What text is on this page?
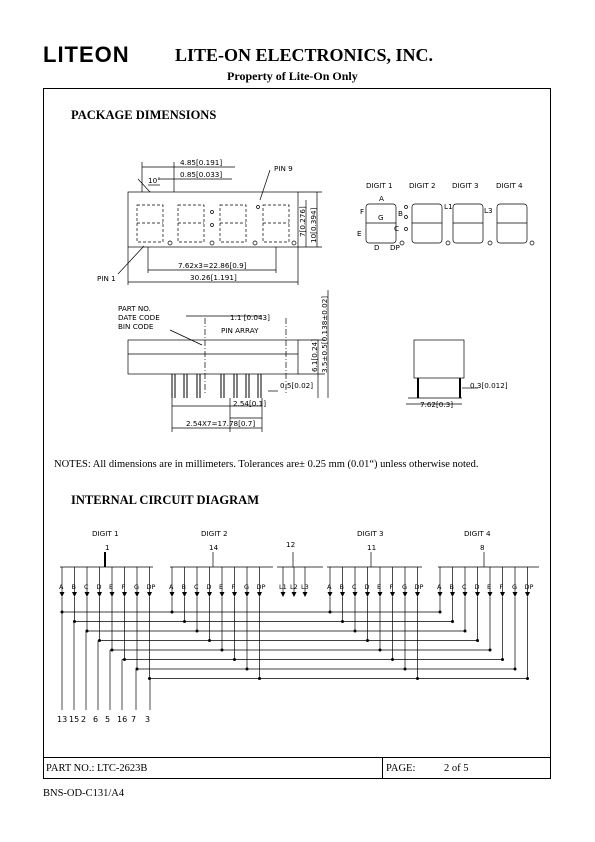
LITEON	LITE-ON ELECTRONICS, INC.
Property of Lite-On Only
PACKAGE DIMENSIONS
4.85[0.191]
0.85[0.033]
10°
PIN 9
PIN 1
7.62x3=22.86[0.9]
30.26[1.191]
7[0.276] 10[0.394]
PART NO.
DATE CODE
BIN CODE
1.1 [0.043]
PIN ARRAY
6.1[0.24] 3.5±0.5[0.138±0.02]
0.5[0.02]
2.54[0.1]
2.54X7=17.78[0.7]
0.3[0.012]
7.62[0.3]
DIGIT 1 DIGIT 2 DIGIT 3 DIGIT 4
A
B
C
D
E
F
G
DP
L1	L3
NOTES: All dimensions are in millimeters. Tolerances are± 0.25 mm (0.01“) unless otherwise noted.
INTERNAL CIRCUIT DIAGRAM
A B C D E F G DP A B C D E F G DP	A B C D E F G DP A B C D E F G DP
L1 L2 L3
DIGIT 1
1
DIGIT 2
14	12
DIGIT 3
11
DIGIT 4
8
13 15 2 6 5 16 7 3
PART NO.: LTC-2623B	PAGE:	2 of 5
BNS-OD-C131/A4
